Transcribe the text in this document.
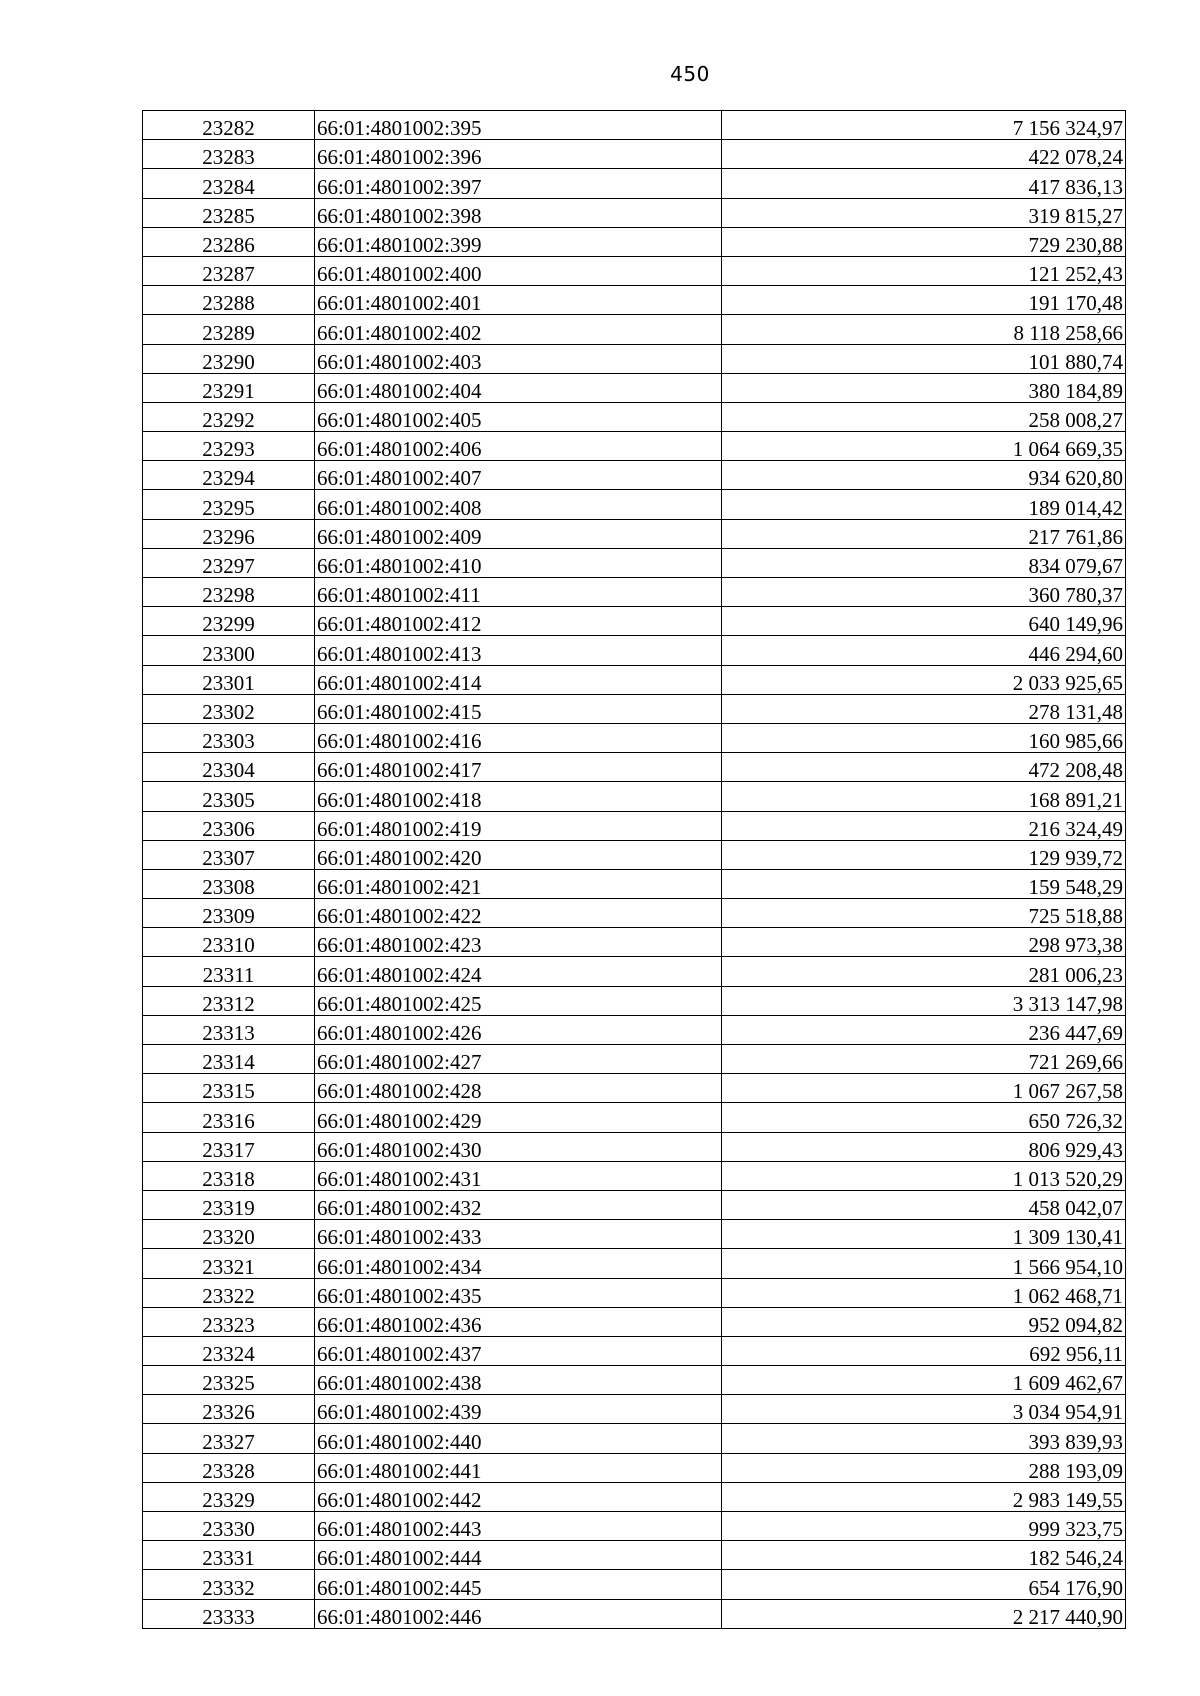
450
23282	66:01:4801002:395	7 156 324,97
23283	66:01:4801002:396	422 078,24
23284	66:01:4801002:397	417 836,13
23285	66:01:4801002:398	319 815,27
23286	66:01:4801002:399	729 230,88
23287	66:01:4801002:400	121 252,43
23288	66:01:4801002:401	191 170,48
23289	66:01:4801002:402	8 118 258,66
23290	66:01:4801002:403	101 880,74
23291	66:01:4801002:404	380 184,89
23292	66:01:4801002:405	258 008,27
23293	66:01:4801002:406	1 064 669,35
23294	66:01:4801002:407	934 620,80
23295	66:01:4801002:408	189 014,42
23296	66:01:4801002:409	217 761,86
23297	66:01:4801002:410	834 079,67
23298	66:01:4801002:411	360 780,37
23299	66:01:4801002:412	640 149,96
23300	66:01:4801002:413	446 294,60
23301	66:01:4801002:414	2 033 925,65
23302	66:01:4801002:415	278 131,48
23303	66:01:4801002:416	160 985,66
23304	66:01:4801002:417	472 208,48
23305	66:01:4801002:418	168 891,21
23306	66:01:4801002:419	216 324,49
23307	66:01:4801002:420	129 939,72
23308	66:01:4801002:421	159 548,29
23309	66:01:4801002:422	725 518,88
23310	66:01:4801002:423	298 973,38
23311	66:01:4801002:424	281 006,23
23312	66:01:4801002:425	3 313 147,98
23313	66:01:4801002:426	236 447,69
23314	66:01:4801002:427	721 269,66
23315	66:01:4801002:428	1 067 267,58
23316	66:01:4801002:429	650 726,32
23317	66:01:4801002:430	806 929,43
23318	66:01:4801002:431	1 013 520,29
23319	66:01:4801002:432	458 042,07
23320	66:01:4801002:433	1 309 130,41
23321	66:01:4801002:434	1 566 954,10
23322	66:01:4801002:435	1 062 468,71
23323	66:01:4801002:436	952 094,82
23324	66:01:4801002:437	692 956,11
23325	66:01:4801002:438	1 609 462,67
23326	66:01:4801002:439	3 034 954,91
23327	66:01:4801002:440	393 839,93
23328	66:01:4801002:441	288 193,09
23329	66:01:4801002:442	2 983 149,55
23330	66:01:4801002:443	999 323,75
23331	66:01:4801002:444	182 546,24
23332	66:01:4801002:445	654 176,90
23333	66:01:4801002:446	2 217 440,90
